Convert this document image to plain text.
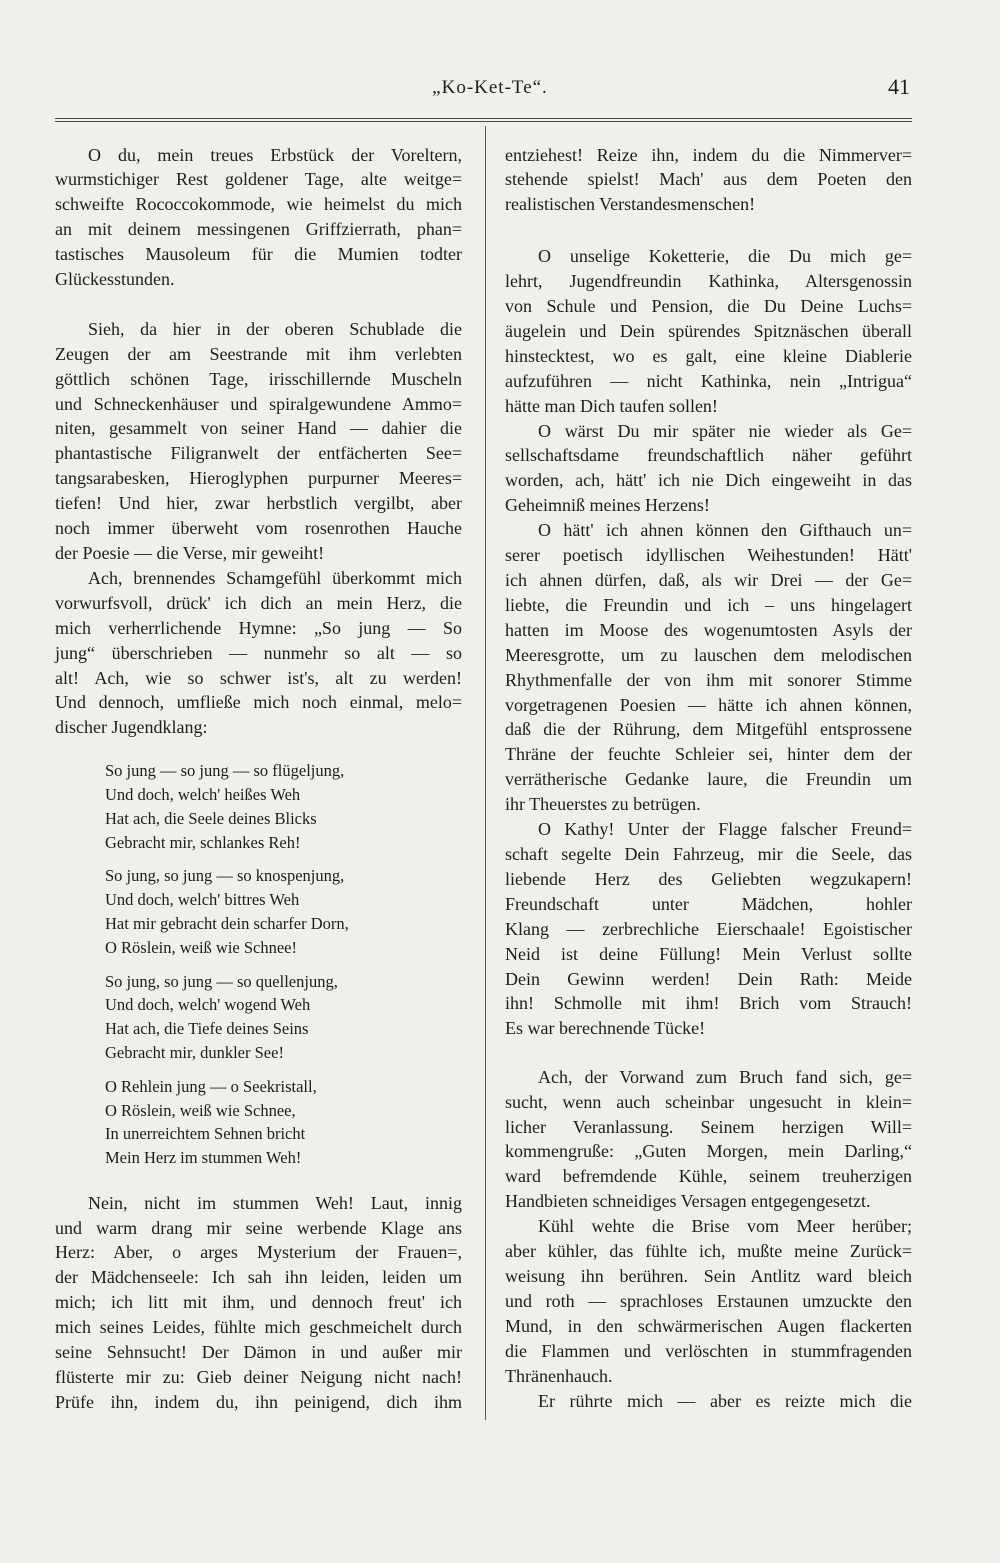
„Ko-Ket-Te“.	41
O du, mein treues Erbstück der Voreltern,
wurmstichiger Rest goldener Tage, alte weitge=
schweifte Rococcokommode, wie heimelst du mich
an mit deinem messingenen Griffzierrath, phan=
tastisches Mausoleum für die Mumien todter
Glückesstunden.
Sieh, da hier in der oberen Schublade die
Zeugen der am Seestrande mit ihm verlebten
göttlich schönen Tage, irisschillernde Muscheln
und Schneckenhäuser und spiralgewundene Ammo=
niten, gesammelt von seiner Hand — dahier die
phantastische Filigranwelt der entfächerten See=
tangsarabesken, Hieroglyphen purpurner Meeres=
tiefen! Und hier, zwar herbstlich vergilbt, aber
noch immer überweht vom rosenrothen Hauche
der Poesie — die Verse, mir geweiht!
Ach, brennendes Schamgefühl überkommt mich
vorwurfsvoll, drück' ich dich an mein Herz, die
mich verherrlichende Hymne: „So jung — So
jung“ überschrieben — nunmehr so alt — so
alt! Ach, wie so schwer ist's, alt zu werden!
Und dennoch, umfließe mich noch einmal, melo=
discher Jugendklang:
So jung — so jung — so flügeljung,
Und doch, welch' heißes Weh
Hat ach, die Seele deines Blicks
Gebracht mir, schlankes Reh!
So jung, so jung — so knospenjung,
Und doch, welch' bittres Weh
Hat mir gebracht dein scharfer Dorn,
O Röslein, weiß wie Schnee!
So jung, so jung — so quellenjung,
Und doch, welch' wogend Weh
Hat ach, die Tiefe deines Seins
Gebracht mir, dunkler See!
O Rehlein jung — o Seekristall,
O Röslein, weiß wie Schnee,
In unerreichtem Sehnen bricht
Mein Herz im stummen Weh!
Nein, nicht im stummen Weh! Laut, innig
und warm drang mir seine werbende Klage ans
Herz: Aber, o arges Mysterium der Frauen=,
der Mädchenseele: Ich sah ihn leiden, leiden um
mich; ich litt mit ihm, und dennoch freut' ich
mich seines Leides, fühlte mich geschmeichelt durch
seine Sehnsucht! Der Dämon in und außer mir
flüsterte mir zu: Gieb deiner Neigung nicht nach!
Prüfe ihn, indem du, ihn peinigend, dich ihm
entziehest! Reize ihn, indem du die Nimmerver=
stehende spielst! Mach' aus dem Poeten den
realistischen Verstandesmenschen!
O unselige Koketterie, die Du mich ge=
lehrt, Jugendfreundin Kathinka, Altersgenossin
von Schule und Pension, die Du Deine Luchs=
äugelein und Dein spürendes Spitznäschen überall
hinstecktest, wo es galt, eine kleine Diablerie
aufzuführen — nicht Kathinka, nein „Intrigua“
hätte man Dich taufen sollen!
O wärst Du mir später nie wieder als Ge=
sellschaftsdame freundschaftlich näher geführt
worden, ach, hätt' ich nie Dich eingeweiht in das
Geheimniß meines Herzens!
O hätt' ich ahnen können den Gifthauch un=
serer poetisch idyllischen Weihestunden! Hätt'
ich ahnen dürfen, daß, als wir Drei — der Ge=
liebte, die Freundin und ich – uns hingelagert
hatten im Moose des wogenumtosten Asyls der
Meeresgrotte, um zu lauschen dem melodischen
Rhythmenfalle der von ihm mit sonorer Stimme
vorgetragenen Poesien — hätte ich ahnen können,
daß die der Rührung, dem Mitgefühl entsprossene
Thräne der feuchte Schleier sei, hinter dem der
verrätherische Gedanke laure, die Freundin um
ihr Theuerstes zu betrügen.
O Kathy! Unter der Flagge falscher Freund=
schaft segelte Dein Fahrzeug, mir die Seele, das
liebende Herz des Geliebten wegzukapern!
Freundschaft unter Mädchen, hohler
Klang — zerbrechliche Eierschaale! Egoistischer
Neid ist deine Füllung! Mein Verlust sollte
Dein Gewinn werden! Dein Rath: Meide
ihn! Schmolle mit ihm! Brich vom Strauch!
Es war berechnende Tücke!
Ach, der Vorwand zum Bruch fand sich, ge=
sucht, wenn auch scheinbar ungesucht in klein=
licher Veranlassung. Seinem herzigen Will=
kommengruße: „Guten Morgen, mein Darling,“
ward befremdende Kühle, seinem treuherzigen
Handbieten schneidiges Versagen entgegengesetzt.
Kühl wehte die Brise vom Meer herüber;
aber kühler, das fühlte ich, mußte meine Zurück=
weisung ihn berühren. Sein Antlitz ward bleich
und roth — sprachloses Erstaunen umzuckte den
Mund, in den schwärmerischen Augen flackerten
die Flammen und verlöschten in stummfragenden
Thränenhauch.
Er rührte mich — aber es reizte mich die
